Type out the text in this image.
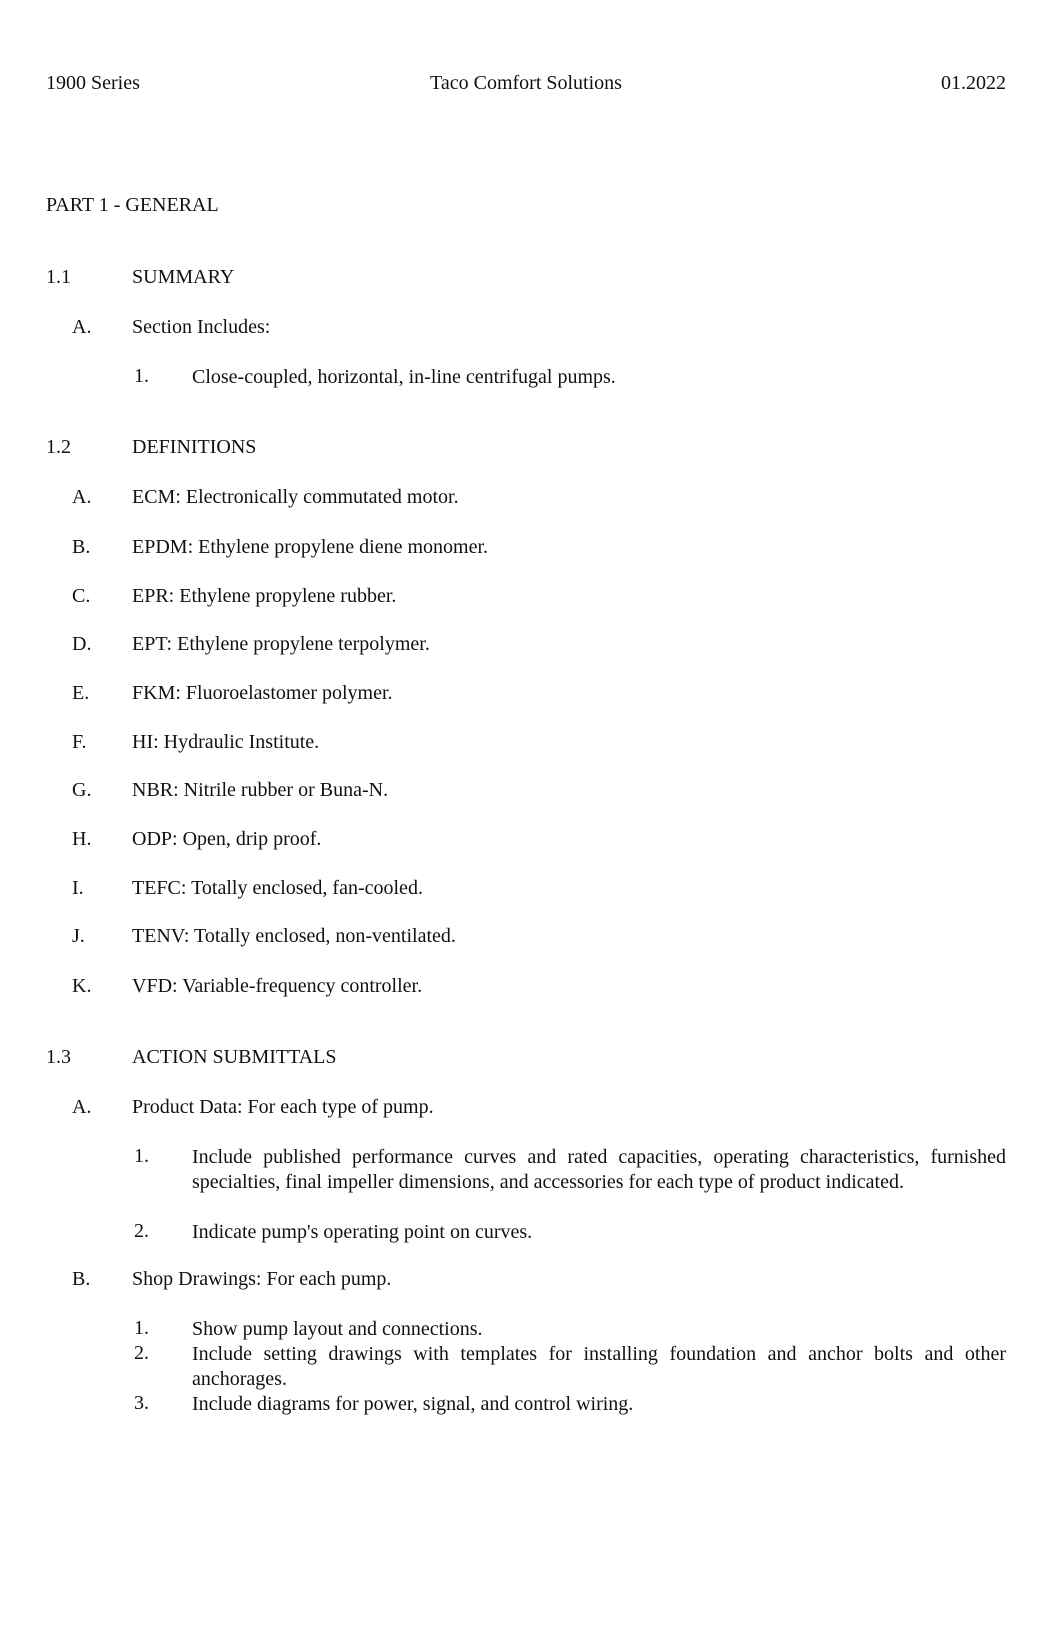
1900 Series	Taco Comfort Solutions	01.2022
PART 1 - GENERAL
1.1	SUMMARY
A. Section Includes:
1.	Close-coupled, horizontal, in-line centrifugal pumps.
1.2	DEFINITIONS
A. ECM: Electronically commutated motor.
B. EPDM: Ethylene propylene diene monomer.
C. EPR: Ethylene propylene rubber.
D. EPT: Ethylene propylene terpolymer.
E. FKM: Fluoroelastomer polymer.
F. HI: Hydraulic Institute.
G. NBR: Nitrile rubber or Buna-N.
H. ODP: Open, drip proof.
I. TEFC: Totally enclosed, fan-cooled.
J. TENV: Totally enclosed, non-ventilated.
K. VFD: Variable-frequency controller.
1.3	ACTION SUBMITTALS
A. Product Data: For each type of pump.
1.	Include published performance curves and rated capacities, operating characteristics, furnished specialties, final impeller dimensions, and accessories for each type of product indicated.
2.	Indicate pump's operating point on curves.
B. Shop Drawings: For each pump.
1.	Show pump layout and connections.
2.	Include setting drawings with templates for installing foundation and anchor bolts and other anchorages.
3.	Include diagrams for power, signal, and control wiring.
